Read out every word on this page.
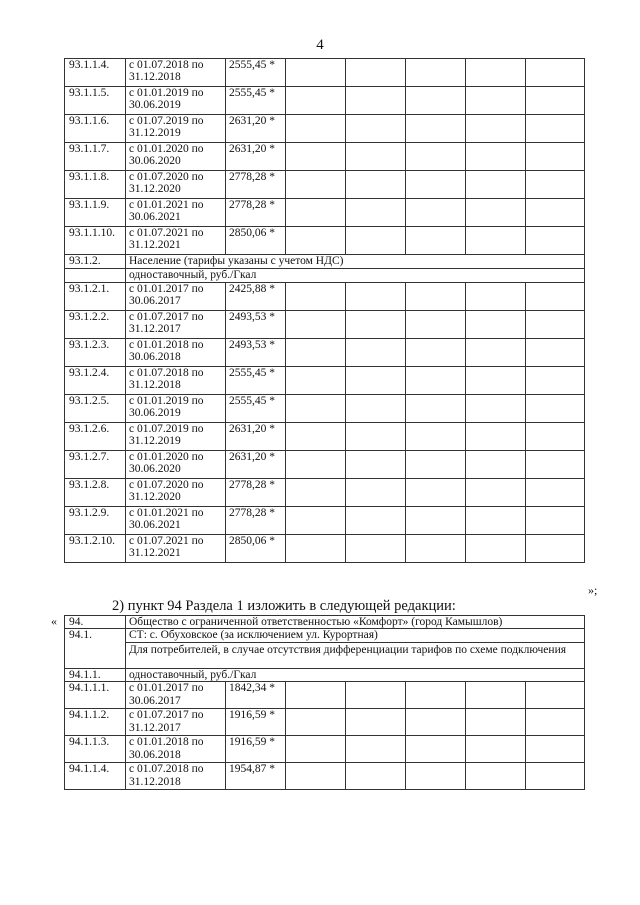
4
93.1.1.4.	с 01.07.2018 по 31.12.2018	2555,45 *					
93.1.1.5.	с 01.01.2019 по 30.06.2019	2555,45 *					
93.1.1.6.	с 01.07.2019 по 31.12.2019	2631,20 *					
93.1.1.7.	с 01.01.2020 по 30.06.2020	2631,20 *					
93.1.1.8.	с 01.07.2020 по 31.12.2020	2778,28 *					
93.1.1.9.	с 01.01.2021 по 30.06.2021	2778,28 *					
93.1.1.10.	с 01.07.2021 по 31.12.2021	2850,06 *					
93.1.2.	Население (тарифы указаны с учетом НДС)						
	одноставочный, руб./Гкал						
93.1.2.1.	с 01.01.2017 по 30.06.2017	2425,88 *					
93.1.2.2.	с 01.07.2017 по 31.12.2017	2493,53 *					
93.1.2.3.	с 01.01.2018 по 30.06.2018	2493,53 *					
93.1.2.4.	с 01.07.2018 по 31.12.2018	2555,45 *					
93.1.2.5.	с 01.01.2019 по 30.06.2019	2555,45 *					
93.1.2.6.	с 01.07.2019 по 31.12.2019	2631,20 *					
93.1.2.7.	с 01.01.2020 по 30.06.2020	2631,20 *					
93.1.2.8.	с 01.07.2020 по 31.12.2020	2778,28 *					
93.1.2.9.	с 01.01.2021 по 30.06.2021	2778,28 *					
93.1.2.10.	с 01.07.2021 по 31.12.2021	2850,06 *					
»;
2) пункт 94 Раздела 1 изложить в следующей редакции:
« 94.	Общество с ограниченной ответственностью «Комфорт» (город Камышлов)						
94.1.	СТ: с. Обуховское (за исключением ул. Курортная)						
	Для потребителей, в случае отсутствия дифференциации тарифов по схеме подключения						
94.1.1.	одноставочный, руб./Гкал						
94.1.1.1.	с 01.01.2017 по 30.06.2017	1842,34 *					
94.1.1.2.	с 01.07.2017 по 31.12.2017	1916,59 *					
94.1.1.3.	с 01.01.2018 по 30.06.2018	1916,59 *					
94.1.1.4.	с 01.07.2018 по 31.12.2018	1954,87 *					
